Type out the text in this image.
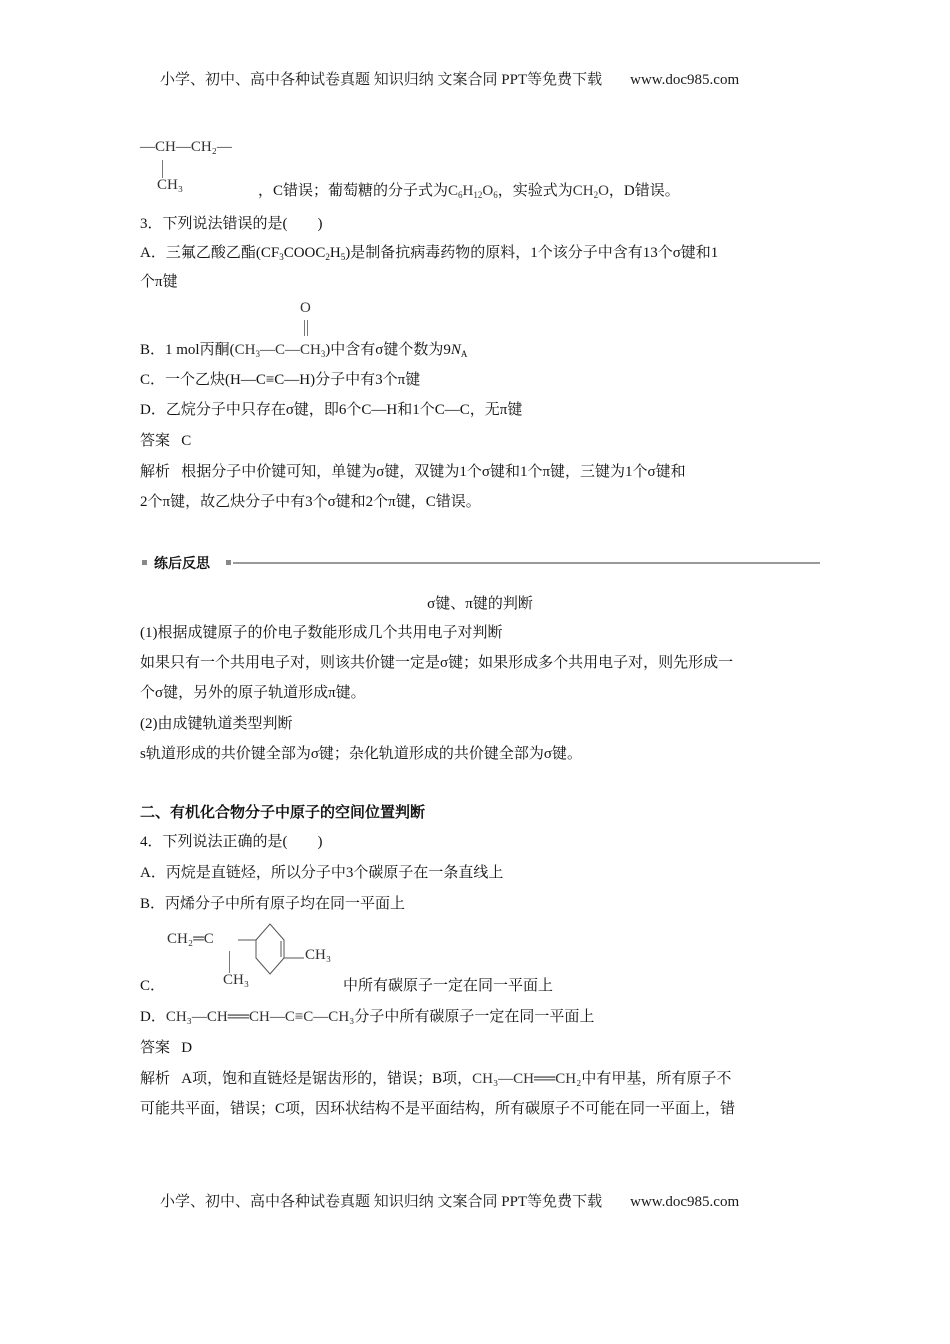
小学、初中、高中各种试卷真题 知识归纳 文案合同 PPT等免费下载 www.doc985.com
—CH—CH₂—
CH₃	，C错误；葡萄糖的分子式为$C_6H_{12}O_6$，实验式为$CH_2O$，D错误。
3．下列说法错误的是(　　)
A．三氟乙酸乙酯$(CF_3COOC_2H_5)$是制备抗病毒药物的原料，1个该分子中含有13个σ键和1
个π键
O
B．1 mol丙酮$(CH_3—C—CH_3)$中含有σ键个数为$9N_A$
C．一个乙炔(H—C≡C—H)分子中有3个π键
D．乙烷分子中只存在σ键，即6个C—H和1个C—C，无π键
答案 C
解析 根据分子中价键可知，单键为σ键，双键为1个σ键和1个π键，三键为1个σ键和
2个π键，故乙炔分子中有3个σ键和2个π键，C错误。
练后反思
σ键、π键的判断
(1)根据成键原子的价电子数能形成几个共用电子对判断
如果只有一个共用电子对，则该共价键一定是σ键；如果形成多个共用电子对，则先形成一
个σ键，另外的原子轨道形成π键。
(2)由成键轨道类型判断
s轨道形成的共价键全部为σ键；杂化轨道形成的共价键全部为σ键。
二、有机化合物分子中原子的空间位置判断
4．下列说法正确的是(　　)
A．丙烷是直链烃，所以分子中3个碳原子在一条直线上
B．丙烯分子中所有原子均在同一平面上
CH₂═C
CH₃
CH₃
C．	中所有碳原子一定在同一平面上
D．CH₃—CH══CH—C≡C—CH₃分子中所有碳原子一定在同一平面上
答案 D
解析 A项，饱和直链烃是锯齿形的，错误；B项，CH₃—CH══CH₂中有甲基，所有原子不
可能共平面，错误；C项，因环状结构不是平面结构，所有碳原子不可能在同一平面上，错
小学、初中、高中各种试卷真题 知识归纳 文案合同 PPT等免费下载 www.doc985.com
